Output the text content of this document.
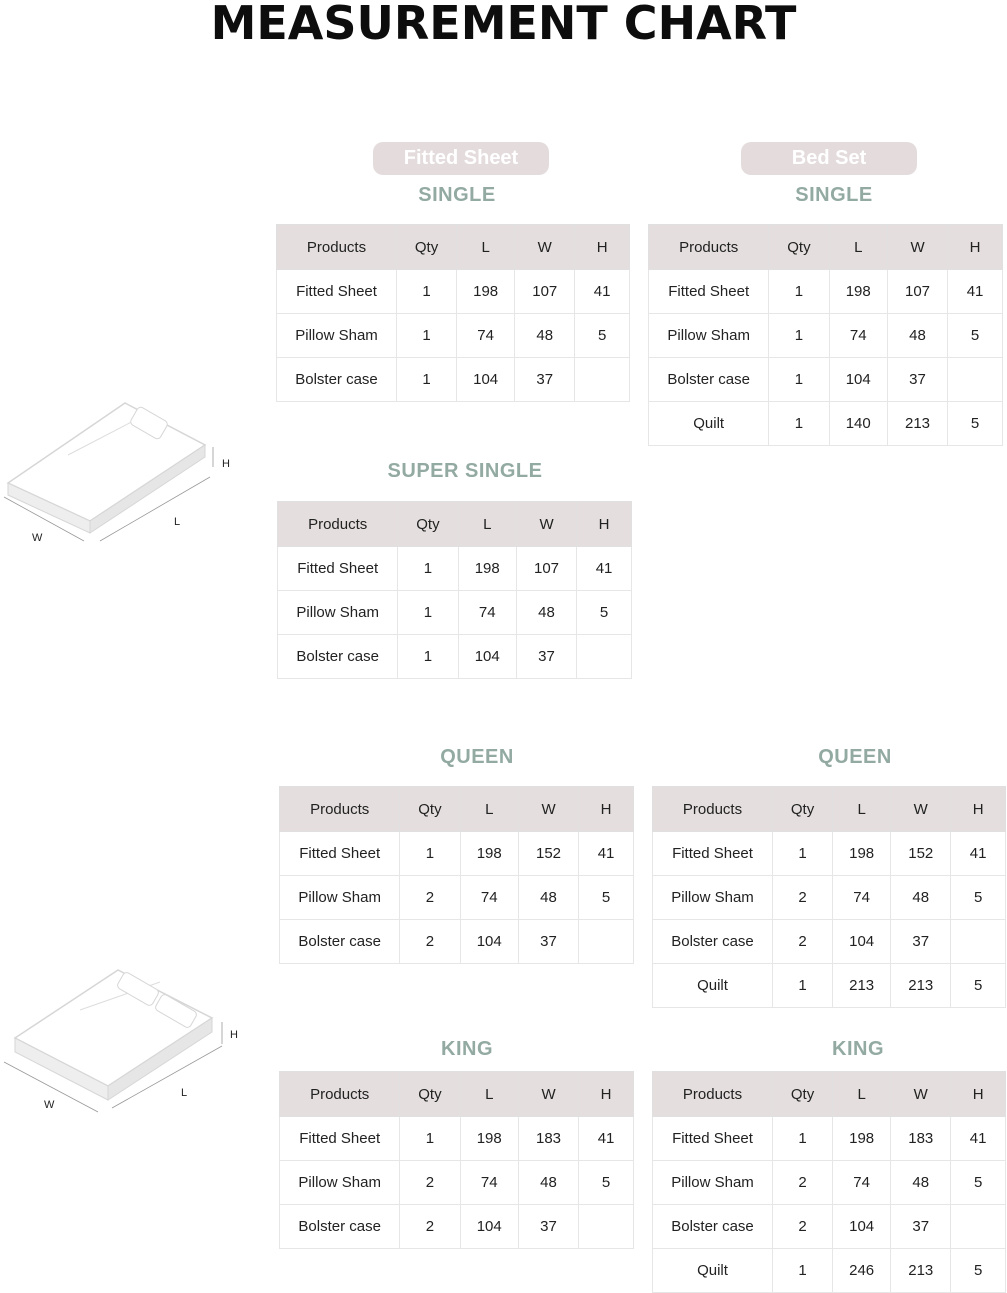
MEASUREMENT CHART
Fitted Sheet	Bed Set
H
L
W
H
L
W
SINGLE	SINGLE
SUPER SINGLE
QUEEN	QUEEN
KING	KING
Products	Qty	L	W	H
Fitted Sheet	1	198	107	41
Pillow Sham	1	74	48	5
Bolster case	1	104	37	
Products	Qty	L	W	H
Fitted Sheet	1	198	107	41
Pillow Sham	1	74	48	5
Bolster case	1	104	37	
Quilt	1	140	213	5
Products	Qty	L	W	H
Fitted Sheet	1	198	107	41
Pillow Sham	1	74	48	5
Bolster case	1	104	37	
Products	Qty	L	W	H
Fitted Sheet	1	198	152	41
Pillow Sham	2	74	48	5
Bolster case	2	104	37	
Products	Qty	L	W	H
Fitted Sheet	1	198	152	41
Pillow Sham	2	74	48	5
Bolster case	2	104	37	
Quilt	1	213	213	5
Products	Qty	L	W	H
Fitted Sheet	1	198	183	41
Pillow Sham	2	74	48	5
Bolster case	2	104	37	
Products	Qty	L	W	H
Fitted Sheet	1	198	183	41
Pillow Sham	2	74	48	5
Bolster case	2	104	37	
Quilt	1	246	213	5
